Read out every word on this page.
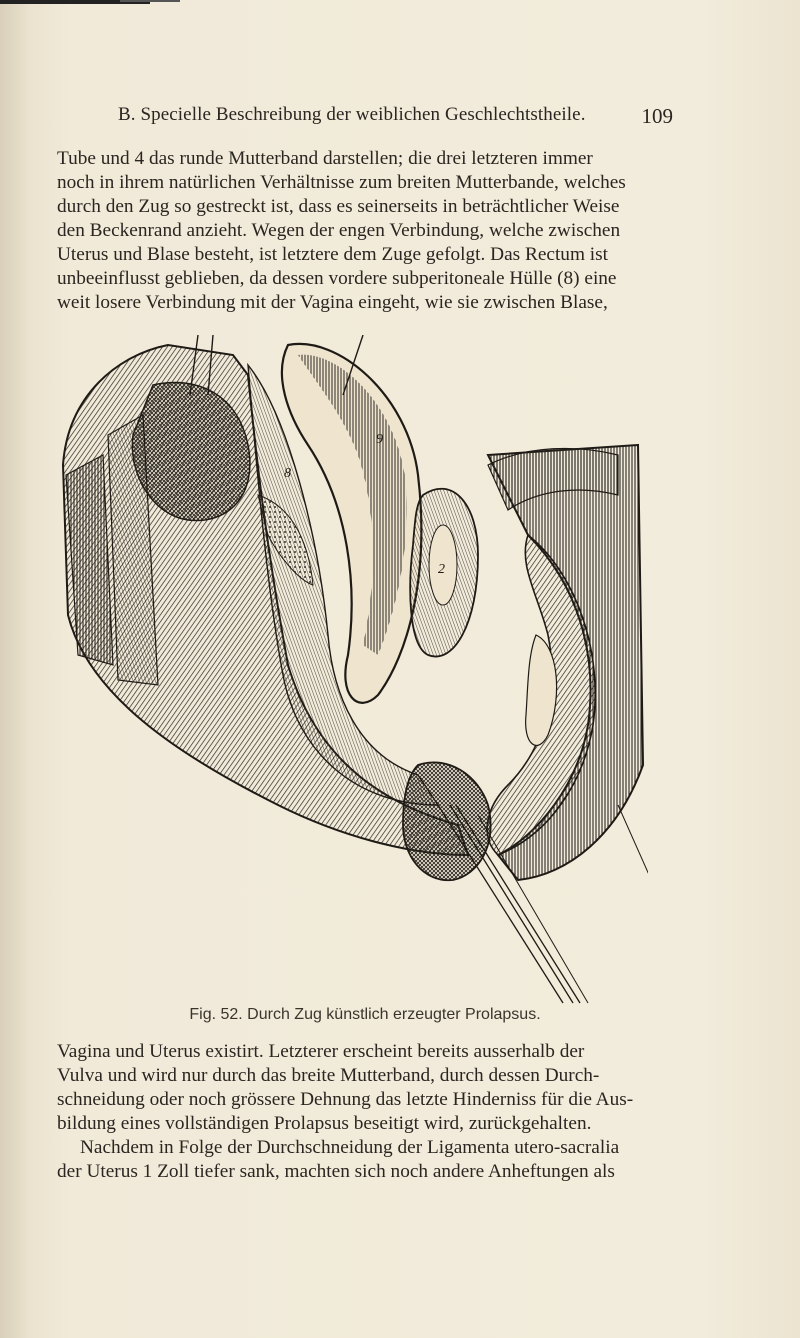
B. Specielle Beschreibung der weiblichen Geschlechtstheile.	109

Tube und 4 das runde Mutterband darstellen; die drei letzteren immer
noch in ihrem natürlichen Verhältnisse zum breiten Mutterbande, welches
durch den Zug so gestreckt ist, dass es seinerseits in beträchtlicher Weise
den Beckenrand anzieht. Wegen der engen Verbindung, welche zwischen
Uterus und Blase besteht, ist letztere dem Zuge gefolgt. Das Rectum ist
unbeeinflusst geblieben, da dessen vordere subperitoneale Hülle (8) eine
weit losere Verbindung mit der Vagina eingeht, wie sie zwischen Blase,

9
8
2
Fig. 52. Durch Zug künstlich erzeugter Prolapsus.

Vagina und Uterus existirt. Letzterer erscheint bereits ausserhalb der
Vulva und wird nur durch das breite Mutterband, durch dessen Durch-
schneidung oder noch grössere Dehnung das letzte Hinderniss für die Aus-
bildung eines vollständigen Prolapsus beseitigt wird, zurückgehalten.

Nachdem in Folge der Durchschneidung der Ligamenta utero-sacralia
der Uterus 1 Zoll tiefer sank, machten sich noch andere Anheftungen als
